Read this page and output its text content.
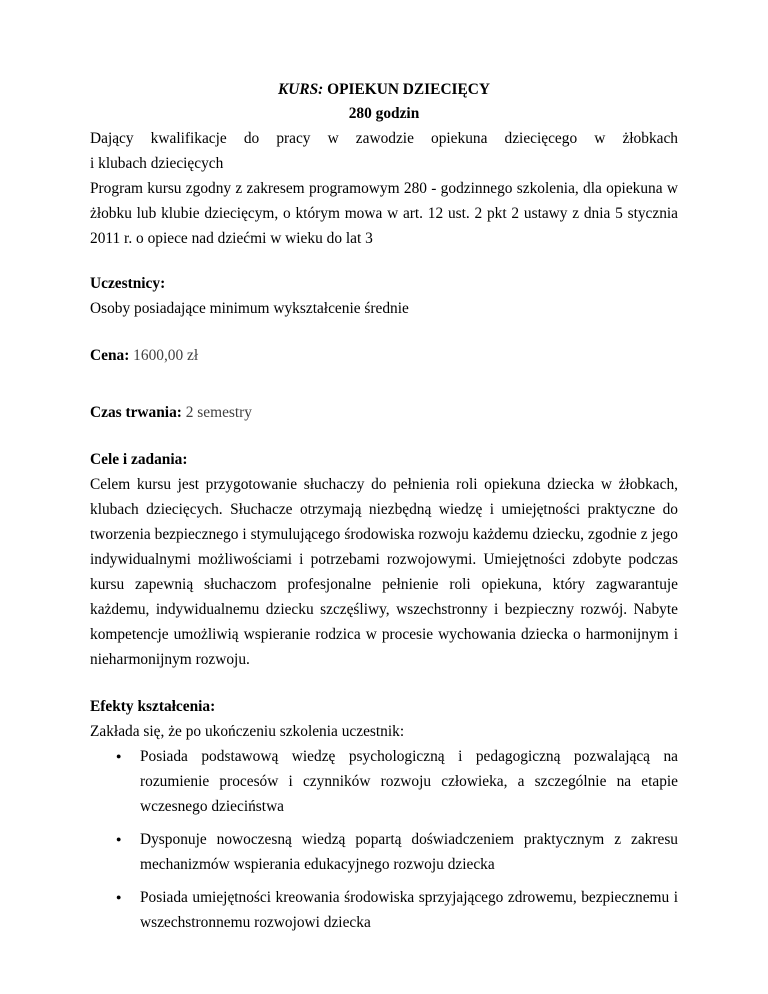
KURS: OPIEKUN DZIECIĘCY

280 godzin

Dający kwalifikacje do pracy w zawodzie opiekuna dziecięcego w żłobkach

i klubach dziecięcych

Program kursu zgodny z zakresem programowym 280 - godzinnego szkolenia, dla opiekuna w żłobku lub klubie dziecięcym, o którym mowa w art. 12 ust. 2 pkt 2 ustawy z dnia 5 stycznia 2011 r. o opiece nad dziećmi w wieku do lat 3

Uczestnicy:

Osoby posiadające minimum wykształcenie średnie

Cena: 1600,00 zł

Czas trwania: 2 semestry

Cele i zadania:

Celem kursu jest przygotowanie słuchaczy do pełnienia roli opiekuna dziecka w żłobkach, klubach dziecięcych. Słuchacze otrzymają niezbędną wiedzę i umiejętności praktyczne do tworzenia bezpiecznego i stymulującego środowiska rozwoju każdemu dziecku, zgodnie z jego indywidualnymi możliwościami i potrzebami rozwojowymi. Umiejętności zdobyte podczas kursu zapewnią słuchaczom profesjonalne pełnienie roli opiekuna, który zagwarantuje każdemu, indywidualnemu dziecku szczęśliwy, wszechstronny i bezpieczny rozwój. Nabyte kompetencje umożliwią wspieranie rodzica w procesie wychowania dziecka o harmonijnym i nieharmonijnym rozwoju.

Efekty kształcenia:

Zakłada się, że po ukończeniu szkolenia uczestnik:

● Posiada podstawową wiedzę psychologiczną i pedagogiczną pozwalającą na rozumienie procesów i czynników rozwoju człowieka, a szczególnie na etapie wczesnego dzieciństwa
● Dysponuje nowoczesną wiedzą popartą doświadczeniem praktycznym z zakresu mechanizmów wspierania edukacyjnego rozwoju dziecka
● Posiada umiejętności kreowania środowiska sprzyjającego zdrowemu, bezpiecznemu i wszechstronnemu rozwojowi dziecka
